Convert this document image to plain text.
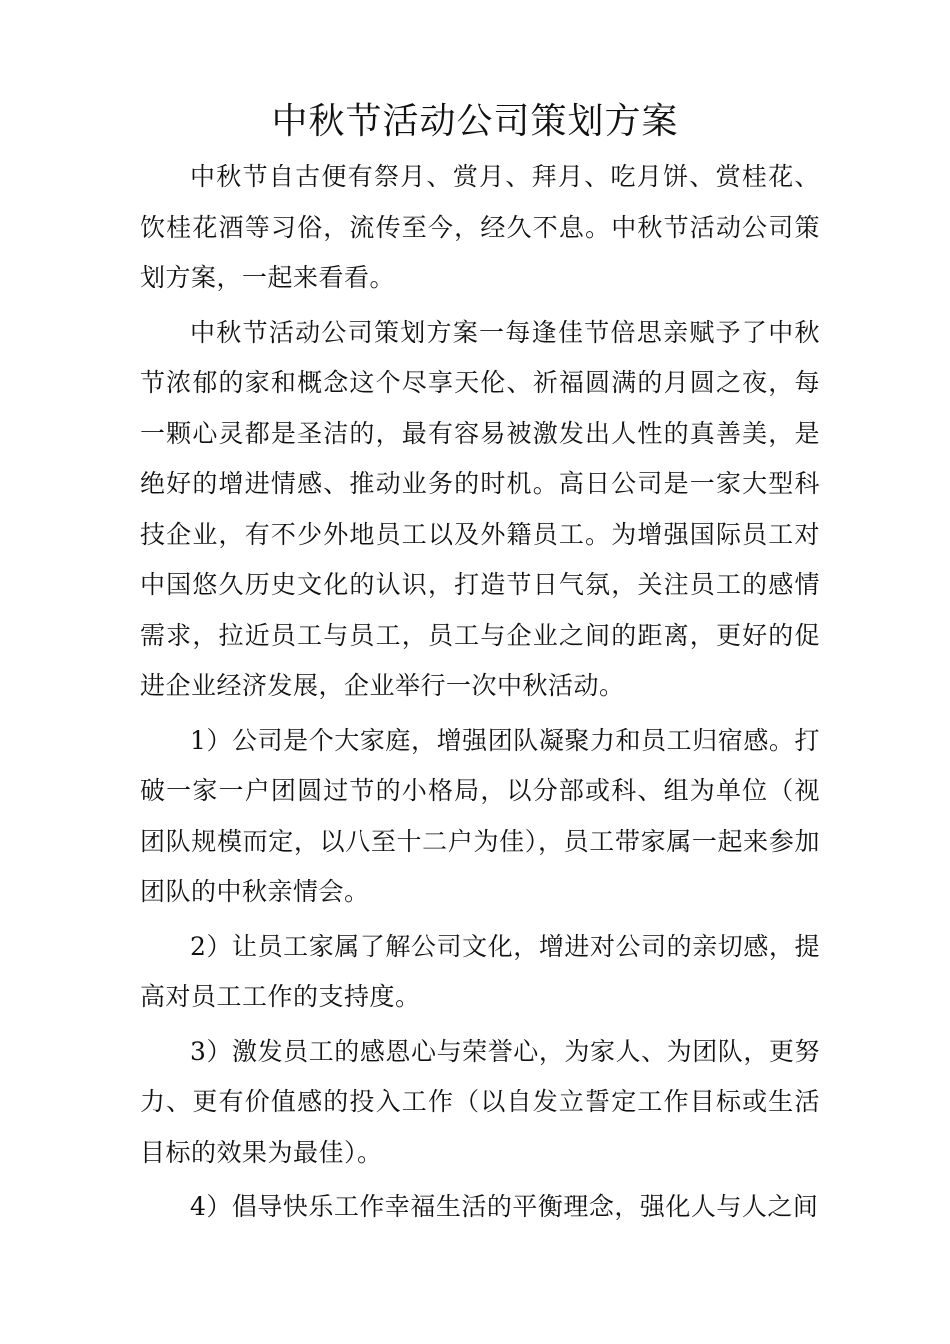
中秋节活动公司策划方案

中秋节自古便有祭月、赏月、拜月、吃月饼、赏桂花、饮桂花酒等习俗，流传至今，经久不息。中秋节活动公司策划方案，一起来看看。

中秋节活动公司策划方案一每逢佳节倍思亲赋予了中秋节浓郁的家和概念这个尽享天伦、祈福圆满的月圆之夜，每一颗心灵都是圣洁的，最有容易被激发出人性的真善美，是绝好的增进情感、推动业务的时机。高日公司是一家大型科技企业，有不少外地员工以及外籍员工。为增强国际员工对中国悠久历史文化的认识，打造节日气氛，关注员工的感情需求，拉近员工与员工，员工与企业之间的距离，更好的促进企业经济发展，企业举行一次中秋活动。

1）公司是个大家庭，增强团队凝聚力和员工归宿感。打破一家一户团圆过节的小格局，以分部或科、组为单位（视团队规模而定，以八至十二户为佳），员工带家属一起来参加团队的中秋亲情会。

2）让员工家属了解公司文化，增进对公司的亲切感，提高对员工工作的支持度。

3）激发员工的感恩心与荣誉心，为家人、为团队，更努力、更有价值感的投入工作（以自发立誓定工作目标或生活目标的效果为最佳）。

4）倡导快乐工作幸福生活的平衡理念，强化人与人之间
